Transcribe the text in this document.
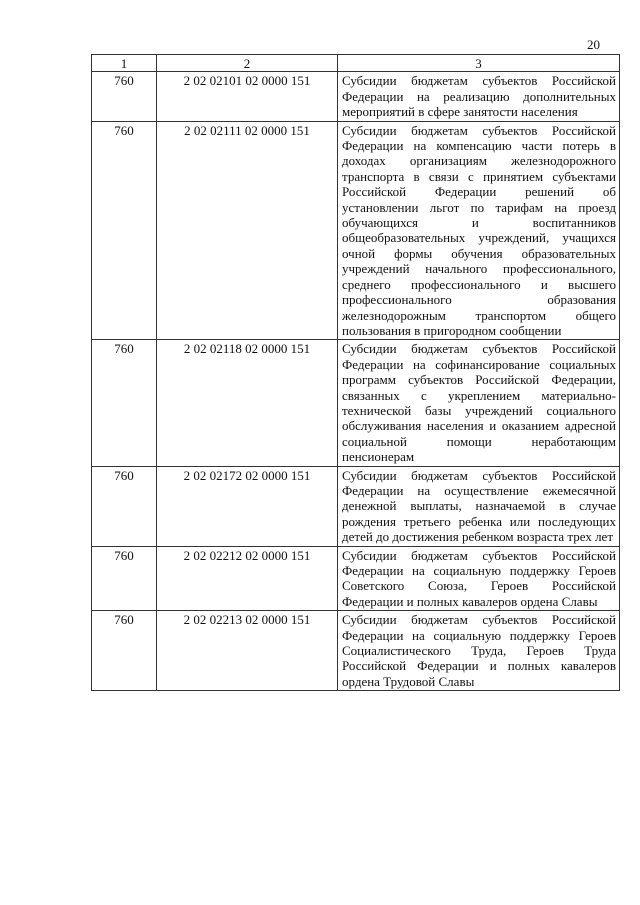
20
1	2	3
760	2 02 02101 02 0000 151	Субсидии бюджетам субъектов Российской Федерации на реализацию дополнительных мероприятий в сфере занятости населения
760	2 02 02111 02 0000 151	Субсидии бюджетам субъектов Российской Федерации на компенсацию части потерь в доходах организациям железнодорожного транспорта в связи с принятием субъектами Российской Федерации решений об установлении льгот по тарифам на проезд обучающихся и воспитанников общеобразовательных учреждений, учащихся очной формы обучения образовательных учреждений начального профессионального, среднего профессионального и высшего профессионального образования железнодорожным транспортом общего пользования в пригородном сообщении
760	2 02 02118 02 0000 151	Субсидии бюджетам субъектов Российской Федерации на софинансирование социальных программ субъектов Российской Федерации, связанных с укреплением материально-технической базы учреждений социального обслуживания населения и оказанием адресной социальной помощи неработающим пенсионерам
760	2 02 02172 02 0000 151	Субсидии бюджетам субъектов Российской Федерации на осуществление ежемесячной денежной выплаты, назначаемой в случае рождения третьего ребенка или последующих детей до достижения ребенком возраста трех лет
760	2 02 02212 02 0000 151	Субсидии бюджетам субъектов Российской Федерации на социальную поддержку Героев Советского Союза, Героев Российской Федерации и полных кавалеров ордена Славы
760	2 02 02213 02 0000 151	Субсидии бюджетам субъектов Российской Федерации на социальную поддержку Героев Социалистического Труда, Героев Труда Российской Федерации и полных кавалеров ордена Трудовой Славы
